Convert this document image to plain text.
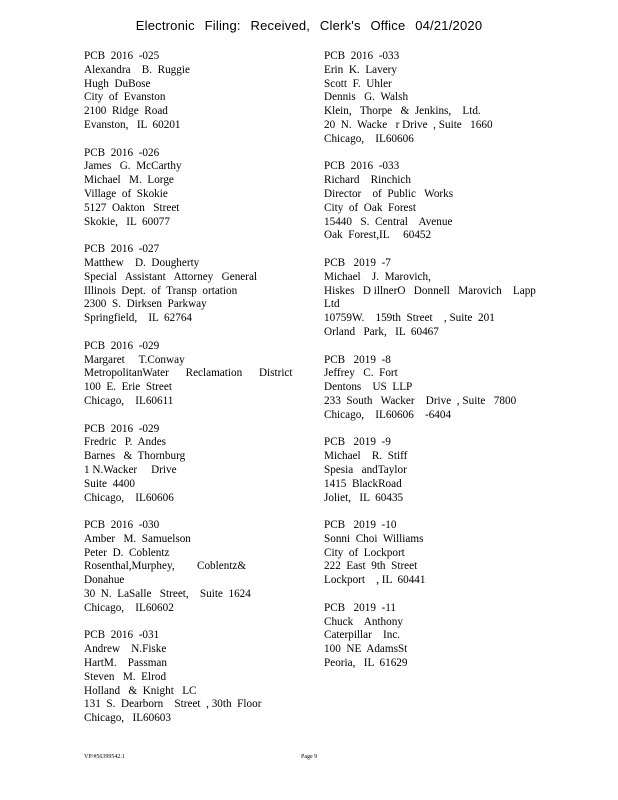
Electronic Filing: Received, Clerk's Office 04/21/2020
PCB  2016  -025
Alexandra    B.  Ruggie
Hugh  DuBose
City  of  Evanston
2100  Ridge  Road
Evanston,   IL  60201
PCB  2016  -026
James   G.  McCarthy
Michael   M.  Lorge
Village  of  Skokie
5127  Oakton   Street
Skokie,   IL  60077
PCB  2016  -027
Matthew    D.  Dougherty
Special   Assistant   Attorney   General
Illinois  Dept.  of  Transp  ortation
2300  S.  Dirksen  Parkway
Springfield,    IL  62764
PCB  2016  -029
Margaret     T.Conway
MetropolitanWater      Reclamation      District
100  E.  Erie  Street
Chicago,    IL60611
PCB  2016  -029
Fredric   P.  Andes
Barnes   &  Thornburg
1 N.Wacker     Drive
Suite  4400
Chicago,    IL60606
PCB  2016  -030
Amber   M.  Samuelson
Peter  D.  Coblentz
Rosenthal,Murphey,        Coblentz&
Donahue
30  N.  LaSalle   Street,    Suite  1624
Chicago,    IL60602
PCB  2016  -031
Andrew    N.Fiske
HartM.    Passman
Steven   M.  Elrod
Holland   &  Knight   LC
131  S.  Dearborn    Street  , 30th  Floor
Chicago,   IL60603
PCB  2016  -033
Erin  K.  Lavery
Scott  F.  Uhler
Dennis   G.  Walsh
Klein,   Thorpe   &  Jenkins,    Ltd.
20  N.  Wacke   r Drive  , Suite   1660
Chicago,    IL60606
PCB  2016  -033
Richard    Rinchich
Director    of  Public   Works
City  of  Oak  Forest
15440   S.  Central    Avenue
Oak  Forest,IL     60452
PCB   2019  -7
Michael    J.  Marovich,
Hiskes   D illnerO   Donnell   Marovich    Lapp
Ltd
10759W.    159th  Street    , Suite  201
Orland   Park,   IL  60467
PCB   2019  -8
Jeffrey   C.  Fort
Dentons    US  LLP
233  South   Wacker    Drive  , Suite   7800
Chicago,    IL60606    -6404
PCB   2019  -9
Michael    R.  Stiff
Spesia   andTaylor
1415  BlackRoad
Joliet,   IL  60435
PCB   2019  -10
Sonni  Choi  Williams
City  of  Lockport
222  East  9th  Street
Lockport    , IL  60441
PCB   2019  -11
Chuck    Anthony
Caterpillar    Inc.
100  NE  AdamsSt
Peoria,   IL  61629
VP/#56399542.1	Page 9
